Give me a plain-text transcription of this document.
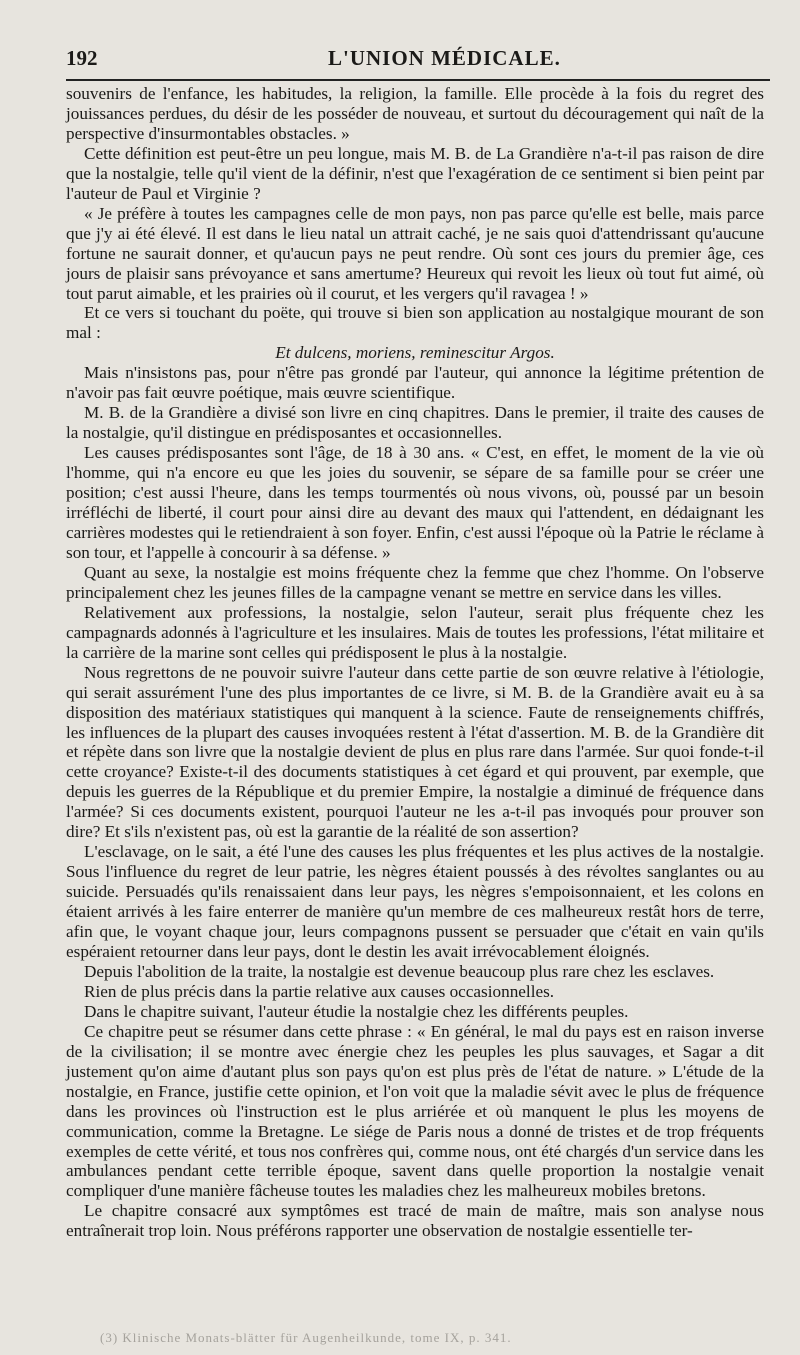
192	L'UNION MÉDICALE.

souvenirs de l'enfance, les habitudes, la religion, la famille. Elle procède à la fois du regret des jouissances perdues, du désir de les posséder de nouveau, et surtout du découragement qui naît de la perspective d'insurmontables obstacles. »

Cette définition est peut-être un peu longue, mais M. B. de La Grandière n'a-t-il pas raison de dire que la nostalgie, telle qu'il vient de la définir, n'est que l'exagération de ce sentiment si bien peint par l'auteur de Paul et Virginie ?

« Je préfère à toutes les campagnes celle de mon pays, non pas parce qu'elle est belle, mais parce que j'y ai été élevé. Il est dans le lieu natal un attrait caché, je ne sais quoi d'attendrissant qu'aucune fortune ne saurait donner, et qu'aucun pays ne peut rendre. Où sont ces jours du premier âge, ces jours de plaisir sans prévoyance et sans amertume? Heureux qui revoit les lieux où tout fut aimé, où tout parut aimable, et les prairies où il courut, et les vergers qu'il ravagea ! »

Et ce vers si touchant du poëte, qui trouve si bien son application au nostalgique mourant de son mal :

Et dulcens, moriens, reminescitur Argos.

Mais n'insistons pas, pour n'être pas grondé par l'auteur, qui annonce la légitime prétention de n'avoir pas fait œuvre poétique, mais œuvre scientifique.

M. B. de la Grandière a divisé son livre en cinq chapitres. Dans le premier, il traite des causes de la nostalgie, qu'il distingue en prédisposantes et occasionnelles.

Les causes prédisposantes sont l'âge, de 18 à 30 ans. « C'est, en effet, le moment de la vie où l'homme, qui n'a encore eu que les joies du souvenir, se sépare de sa famille pour se créer une position; c'est aussi l'heure, dans les temps tourmentés où nous vivons, où, poussé par un besoin irréfléchi de liberté, il court pour ainsi dire au devant des maux qui l'attendent, en dédaignant les carrières modestes qui le retiendraient à son foyer. Enfin, c'est aussi l'époque où la Patrie le réclame à son tour, et l'appelle à concourir à sa défense. »

Quant au sexe, la nostalgie est moins fréquente chez la femme que chez l'homme. On l'observe principalement chez les jeunes filles de la campagne venant se mettre en service dans les villes.

Relativement aux professions, la nostalgie, selon l'auteur, serait plus fréquente chez les campagnards adonnés à l'agriculture et les insulaires. Mais de toutes les professions, l'état militaire et la carrière de la marine sont celles qui prédisposent le plus à la nostalgie.

Nous regrettons de ne pouvoir suivre l'auteur dans cette partie de son œuvre relative à l'étiologie, qui serait assurément l'une des plus importantes de ce livre, si M. B. de la Grandière avait eu à sa disposition des matériaux statistiques qui manquent à la science. Faute de renseignements chiffrés, les influences de la plupart des causes invoquées restent à l'état d'assertion. M. B. de la Grandière dit et répète dans son livre que la nostalgie devient de plus en plus rare dans l'armée. Sur quoi fonde-t-il cette croyance? Existe-t-il des documents statistiques à cet égard et qui prouvent, par exemple, que depuis les guerres de la République et du premier Empire, la nostalgie a diminué de fréquence dans l'armée? Si ces documents existent, pourquoi l'auteur ne les a-t-il pas invoqués pour prouver son dire? Et s'ils n'existent pas, où est la garantie de la réalité de son assertion?

L'esclavage, on le sait, a été l'une des causes les plus fréquentes et les plus actives de la nostalgie. Sous l'influence du regret de leur patrie, les nègres étaient poussés à des révoltes sanglantes ou au suicide. Persuadés qu'ils renaissaient dans leur pays, les nègres s'empoisonnaient, et les colons en étaient arrivés à les faire enterrer de manière qu'un membre de ces malheureux restât hors de terre, afin que, le voyant chaque jour, leurs compagnons pussent se persuader que c'était en vain qu'ils espéraient retourner dans leur pays, dont le destin les avait irrévocablement éloignés.

Depuis l'abolition de la traite, la nostalgie est devenue beaucoup plus rare chez les esclaves.

Rien de plus précis dans la partie relative aux causes occasionnelles.

Dans le chapitre suivant, l'auteur étudie la nostalgie chez les différents peuples.

Ce chapitre peut se résumer dans cette phrase : « En général, le mal du pays est en raison inverse de la civilisation; il se montre avec énergie chez les peuples les plus sauvages, et Sagar a dit justement qu'on aime d'autant plus son pays qu'on est plus près de l'état de nature. » L'étude de la nostalgie, en France, justifie cette opinion, et l'on voit que la maladie sévit avec le plus de fréquence dans les provinces où l'instruction est le plus arriérée et où manquent le plus les moyens de communication, comme la Bretagne. Le siége de Paris nous a donné de tristes et de trop fréquents exemples de cette vérité, et tous nos confrères qui, comme nous, ont été chargés d'un service dans les ambulances pendant cette terrible époque, savent dans quelle proportion la nostalgie venait compliquer d'une manière fâcheuse toutes les maladies chez les malheureux mobiles bretons.

Le chapitre consacré aux symptômes est tracé de main de maître, mais son analyse nous entraînerait trop loin. Nous préférons rapporter une observation de nostalgie essentielle ter-

(3) Klinische Monats-blätter für Augenheilkunde, tome IX, p. 341.
